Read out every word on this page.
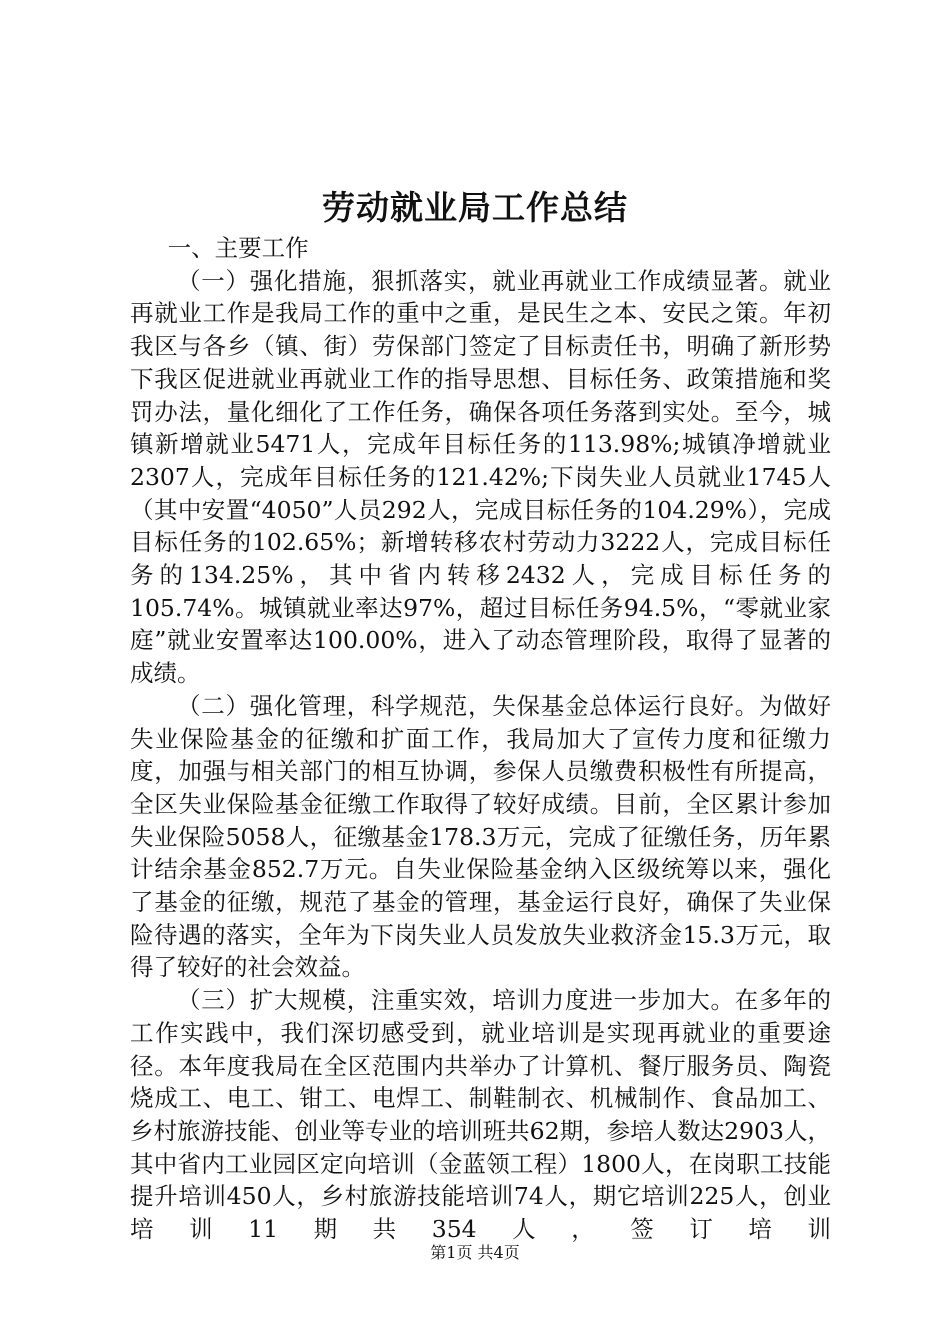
劳动就业局工作总结

一、主要工作

（一）强化措施，狠抓落实，就业再就业工作成绩显著。就业再就业工作是我局工作的重中之重，是民生之本、安民之策。年初我区与各乡（镇、街）劳保部门签定了目标责任书，明确了新形势下我区促进就业再就业工作的指导思想、目标任务、政策措施和奖罚办法，量化细化了工作任务，确保各项任务落到实处。至今，城镇新增就业5471人，完成年目标任务的113.98%;城镇净增就业2307人，完成年目标任务的121.42%;下岗失业人员就业1745人（其中安置“4050”人员292人，完成目标任务的104.29%），完成目标任务的102.65%；新增转移农村劳动力3222人，完成目标任务的134.25%，其中省内转移2432人，完成目标任务的105.74%。城镇就业率达97%，超过目标任务94.5%，“零就业家庭”就业安置率达100.00%，进入了动态管理阶段，取得了显著的成绩。

（二）强化管理，科学规范，失保基金总体运行良好。为做好失业保险基金的征缴和扩面工作，我局加大了宣传力度和征缴力度，加强与相关部门的相互协调，参保人员缴费积极性有所提高，全区失业保险基金征缴工作取得了较好成绩。目前，全区累计参加失业保险5058人，征缴基金178.3万元，完成了征缴任务，历年累计结余基金852.7万元。自失业保险基金纳入区级统筹以来，强化了基金的征缴，规范了基金的管理，基金运行良好，确保了失业保险待遇的落实，全年为下岗失业人员发放失业救济金15.3万元，取得了较好的社会效益。

（三）扩大规模，注重实效，培训力度进一步加大。在多年的工作实践中，我们深切感受到，就业培训是实现再就业的重要途径。本年度我局在全区范围内共举办了计算机、餐厅服务员、陶瓷烧成工、电工、钳工、电焊工、制鞋制衣、机械制作、食品加工、乡村旅游技能、创业等专业的培训班共62期，参培人数达2903人，其中省内工业园区定向培训（金蓝领工程）1800人，在岗职工技能提升培训450人，乡村旅游技能培训74人，期它培训225人，创业培训11期共354人，签订培训

第1页 共4页
